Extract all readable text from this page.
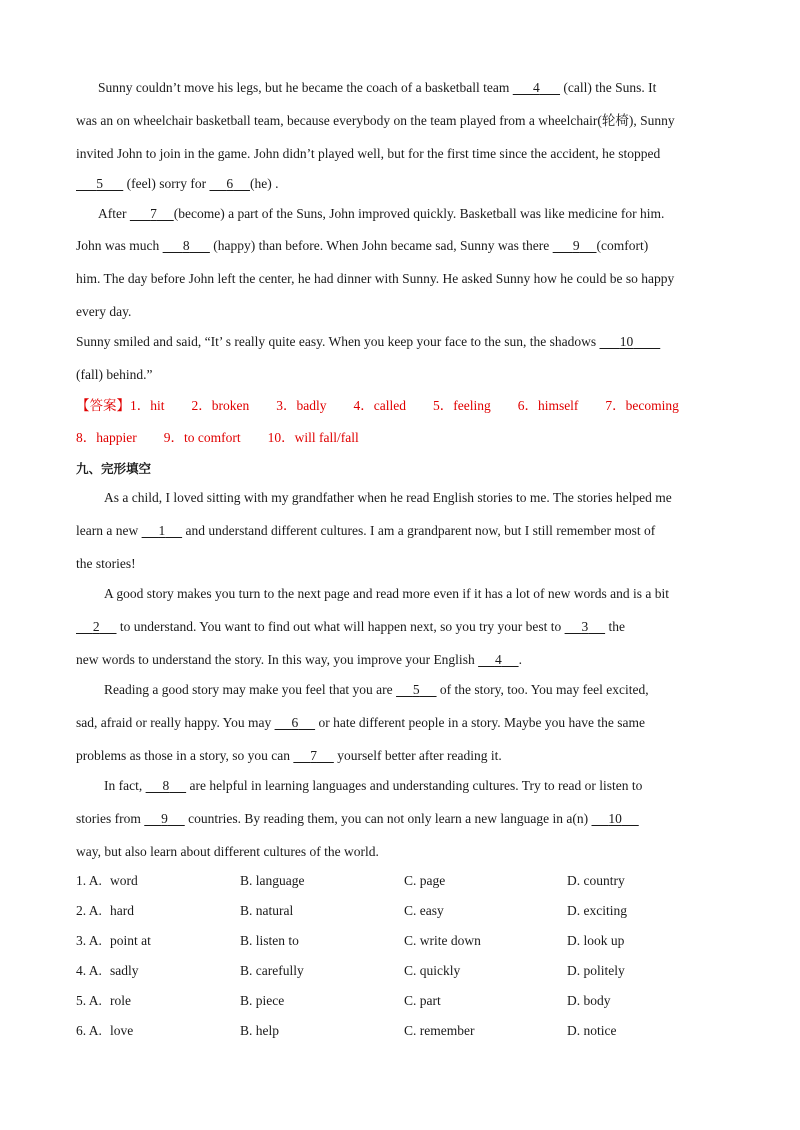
Sunny couldn’t move his legs, but he became the coach of a basketball team       4       (call) the Suns. It
was an on wheelchair basketball team, because everybody on the team played from a wheelchair(轮椅), Sunny
invited John to join in the game. John didn’t played well, but for the first time since the accident, he stopped
5       (feel) sorry for      6 (he) .
After       7 (become) a part of the Suns, John improved quickly. Basketball was like medicine for him.
John was much       8       (happy) than before. When John became sad, Sunny was there       9 (comfort)
him. The day before John left the center, he had dinner with Sunny. He asked Sunny how he could be so happy
every day.
Sunny smiled and said, “It’ s really quite easy. When you keep your face to the sun, the shadows       10
(fall) behind.”
【答案】1．hit　　2．broken　　3．badly　　4．called　　5．feeling　　6．himself　　7．becoming
8．happier　　9．to comfort　　10．will fall/fall
九、完形填空
As a child, I loved sitting with my grandfather when he read English stories to me. The stories helped me
learn a new      1      and understand different cultures. I am a grandparent now, but I still remember most of
the stories!
A good story makes you turn to the next page and read more even if it has a lot of new words and is a bit
2      to understand. You want to find out what will happen next, so you try your best to      3      the
new words to understand the story. In this way, you improve your English      4 .
Reading a good story may make you feel that you are      5      of the story, too. You may feel excited,
sad, afraid or really happy. You may      6      or hate different people in a story. Maybe you have the same
problems as those in a story, so you can      7      yourself better after reading it.
In fact,      8      are helpful in learning languages and understanding cultures. Try to read or listen to
stories from      9      countries. By reading them, you can not only learn a new language in a(n)      10
way, but also learn about different cultures of the world.
1. A. word	B. language	C. page	D. country
2. A. hard	B. natural	C. easy	D. exciting
3. A. point at	B. listen to	C. write down	D. look up
4. A. sadly	B. carefully	C. quickly	D. politely
5. A. role	B. piece	C. part	D. body
6. A. love	B. help	C. remember	D. notice
